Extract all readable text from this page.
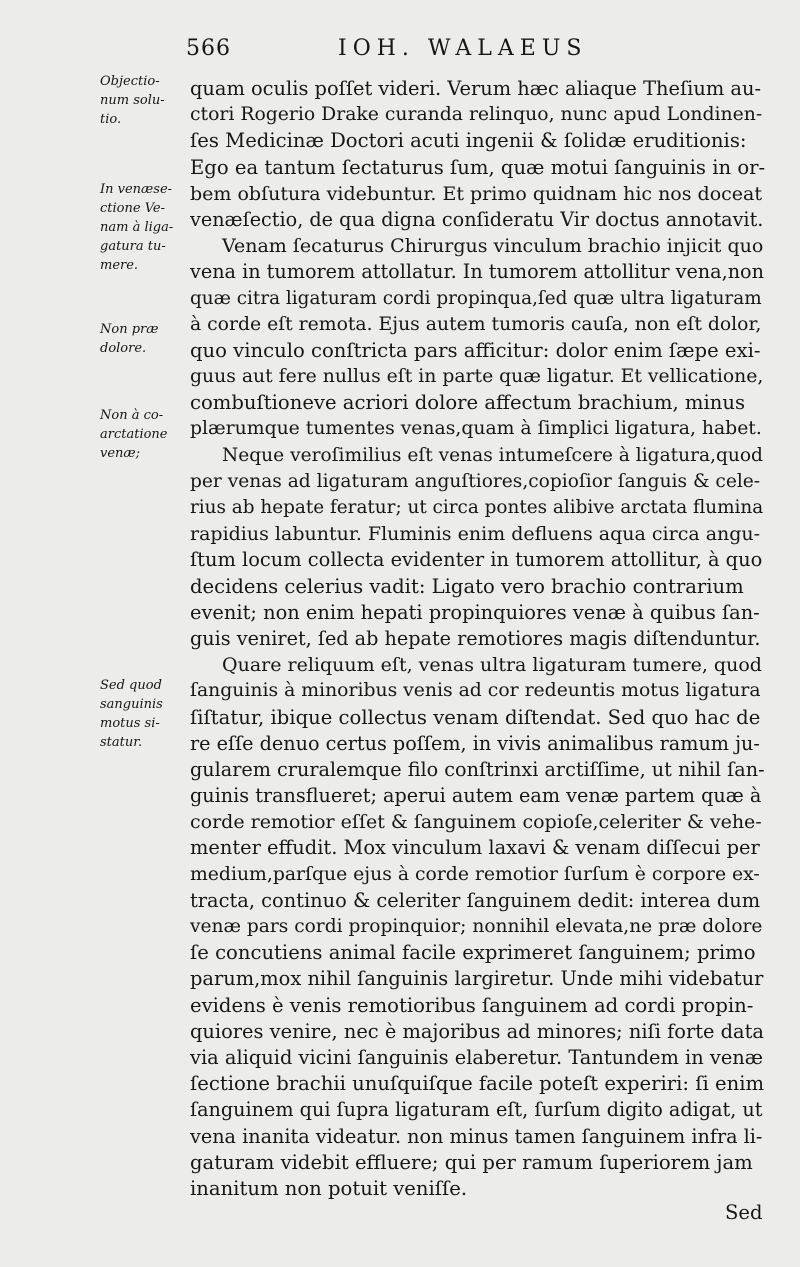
566	IOH. WALAEUS
Objectio-
num solu-
tio.
In venæse-
ctione Ve-
nam à liga-
gatura tu-
mere.
Non præ
dolore.
Non à co-
arctatione
venæ;
Sed quod
sanguinis
motus si-
statur.
quam oculis poſſet videri. Verum hæc aliaque Theſium au-
ctori Rogerio Drake curanda relinquo, nunc apud Londinen-
ſes Medicinæ Doctori acuti ingenii & ſolidæ eruditionis:
Ego ea tantum ſectaturus ſum, quæ motui ſanguinis in or-
bem obſutura videbuntur. Et primo quidnam hic nos doceat
venæſectio, de qua digna conſideratu Vir doctus annotavit.
Venam ſecaturus Chirurgus vinculum brachio injicit quo
vena in tumorem attollatur. In tumorem attollitur vena,non
quæ citra ligaturam cordi propinqua,ſed quæ ultra ligaturam
à corde eſt remota. Ejus autem tumoris cauſa, non eſt dolor,
quo vinculo conſtricta pars afficitur: dolor enim ſæpe exi-
guus aut fere nullus eſt in parte quæ ligatur. Et vellicatione,
combuſtioneve acriori dolore affectum brachium, minus
plærumque tumentes venas,quam à ſimplici ligatura, habet.
Neque veroſimilius eſt venas intumeſcere à ligatura,quod
per venas ad ligaturam anguſtiores,copioſior ſanguis & cele-
rius ab hepate feratur; ut circa pontes alibive arctata flumina
rapidius labuntur. Fluminis enim defluens aqua circa angu-
ſtum locum collecta evidenter in tumorem attollitur, à quo
decidens celerius vadit: Ligato vero brachio contrarium
evenit; non enim hepati propinquiores venæ à quibus ſan-
guis veniret, ſed ab hepate remotiores magis diſtenduntur.
Quare reliquum eſt, venas ultra ligaturam tumere, quod
ſanguinis à minoribus venis ad cor redeuntis motus ligatura
ſiſtatur, ibique collectus venam diſtendat. Sed quo hac de
re eſſe denuo certus poſſem, in vivis animalibus ramum ju-
gularem cruralemque filo conſtrinxi arctiſſime, ut nihil ſan-
guinis transflueret; aperui autem eam venæ partem quæ à
corde remotior eſſet & ſanguinem copioſe,celeriter & vehe-
menter effudit. Mox vinculum laxavi & venam diſſecui per
medium,parſque ejus à corde remotior ſurſum è corpore ex-
tracta, continuo & celeriter ſanguinem dedit: interea dum
venæ pars cordi propinquior; nonnihil elevata,ne præ dolore
ſe concutiens animal facile exprimeret ſanguinem; primo
parum,mox nihil ſanguinis largiretur. Unde mihi videbatur
evidens è venis remotioribus ſanguinem ad cordi propin-
quiores venire, nec è majoribus ad minores; niſi forte data
via aliquid vicini ſanguinis elaberetur. Tantundem in venæ
ſectione brachii unuſquiſque facile poteſt experiri: ſi enim
ſanguinem qui ſupra ligaturam eſt, ſurſum digito adigat, ut
vena inanita videatur. non minus tamen ſanguinem infra li-
gaturam videbit effluere; qui per ramum ſuperiorem jam
inanitum non potuit veniſſe.
Sed
